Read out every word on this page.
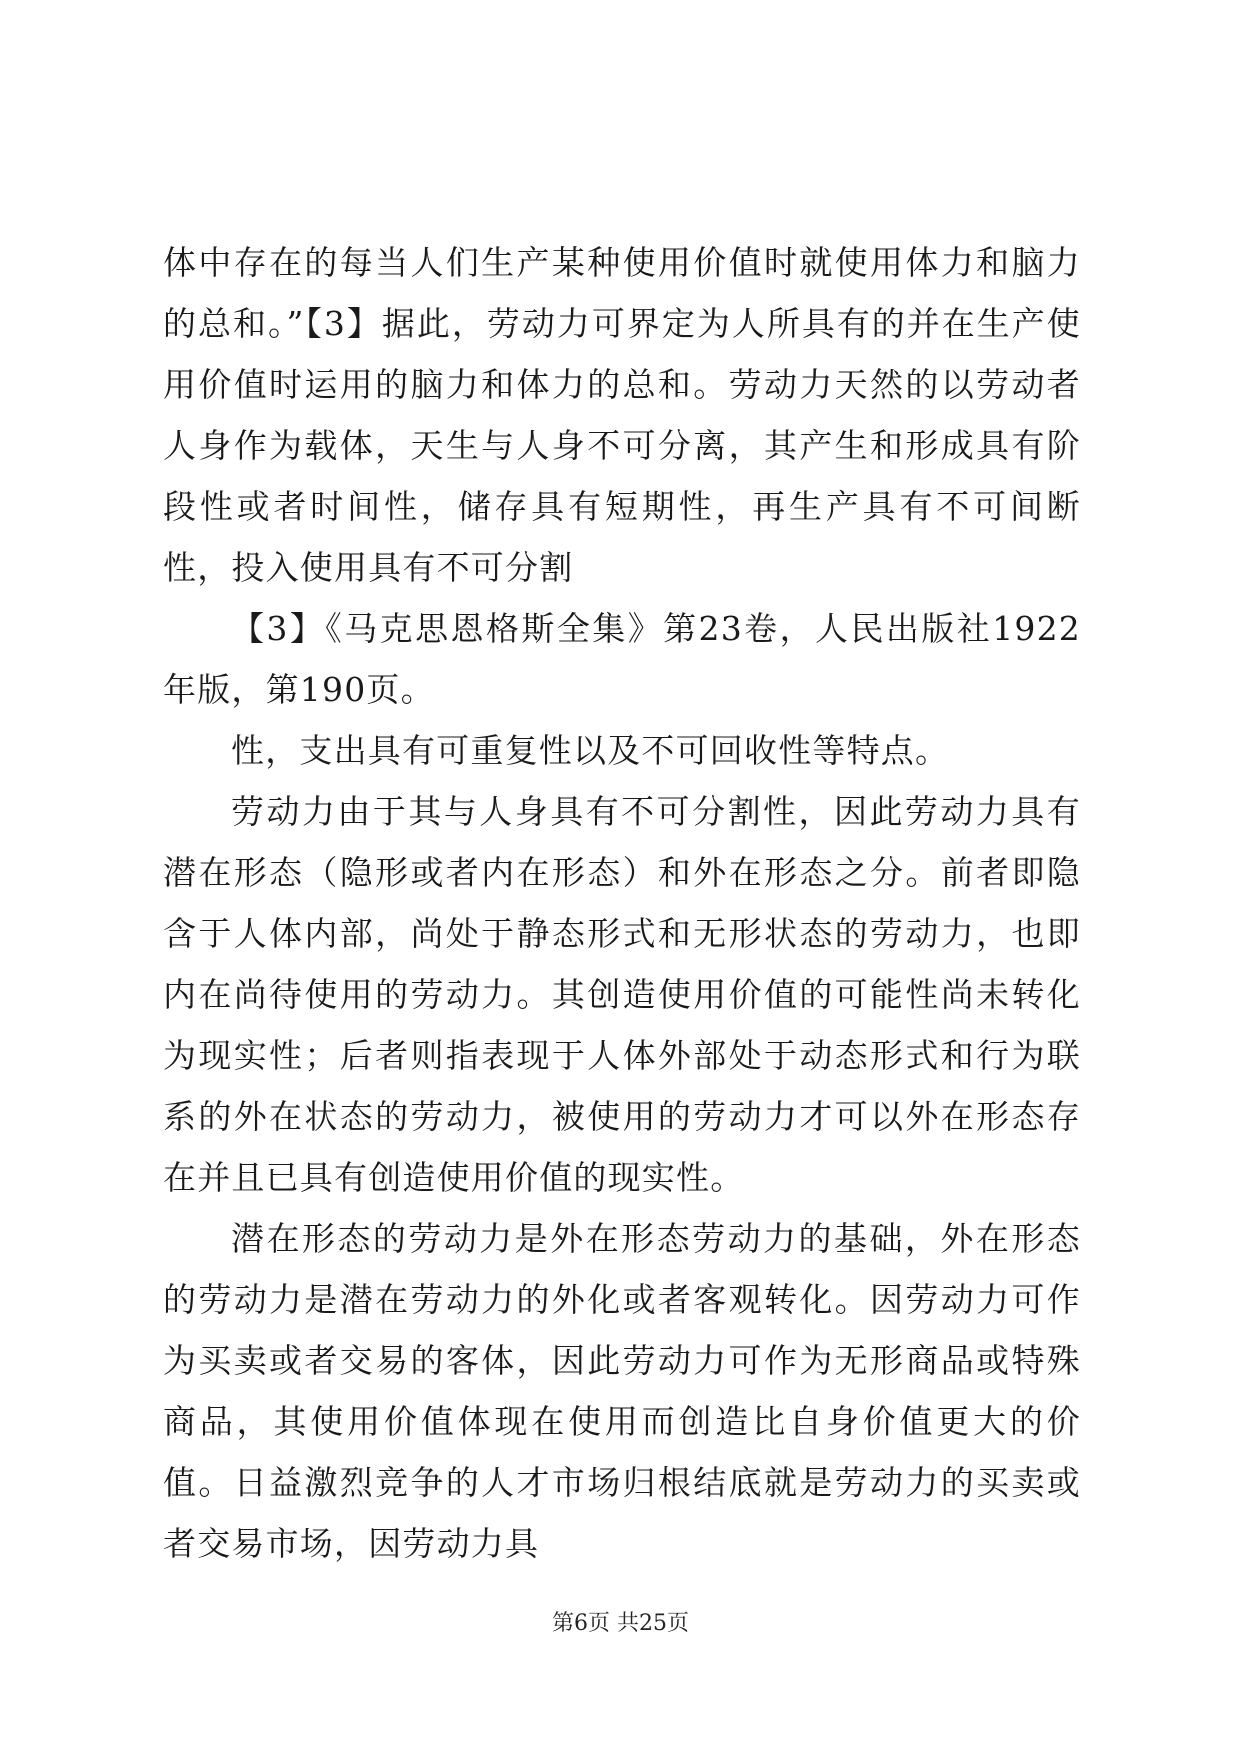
体中存在的每当人们生产某种使用价值时就使用体力和脑力的总和。”【3】据此，劳动力可界定为人所具有的并在生产使用价值时运用的脑力和体力的总和。劳动力天然的以劳动者人身作为载体，天生与人身不可分离，其产生和形成具有阶段性或者时间性，储存具有短期性，再生产具有不可间断性，投入使用具有不可分割

【3】《马克思恩格斯全集》第23卷，人民出版社1922年版，第190页。

性，支出具有可重复性以及不可回收性等特点。

劳动力由于其与人身具有不可分割性，因此劳动力具有潜在形态（隐形或者内在形态）和外在形态之分。前者即隐含于人体内部，尚处于静态形式和无形状态的劳动力，也即内在尚待使用的劳动力。其创造使用价值的可能性尚未转化为现实性；后者则指表现于人体外部处于动态形式和行为联系的外在状态的劳动力，被使用的劳动力才可以外在形态存在并且已具有创造使用价值的现实性。

潜在形态的劳动力是外在形态劳动力的基础，外在形态的劳动力是潜在劳动力的外化或者客观转化。因劳动力可作为买卖或者交易的客体，因此劳动力可作为无形商品或特殊商品，其使用价值体现在使用而创造比自身价值更大的价值。日益激烈竞争的人才市场归根结底就是劳动力的买卖或者交易市场，因劳动力具

第6页 共25页
